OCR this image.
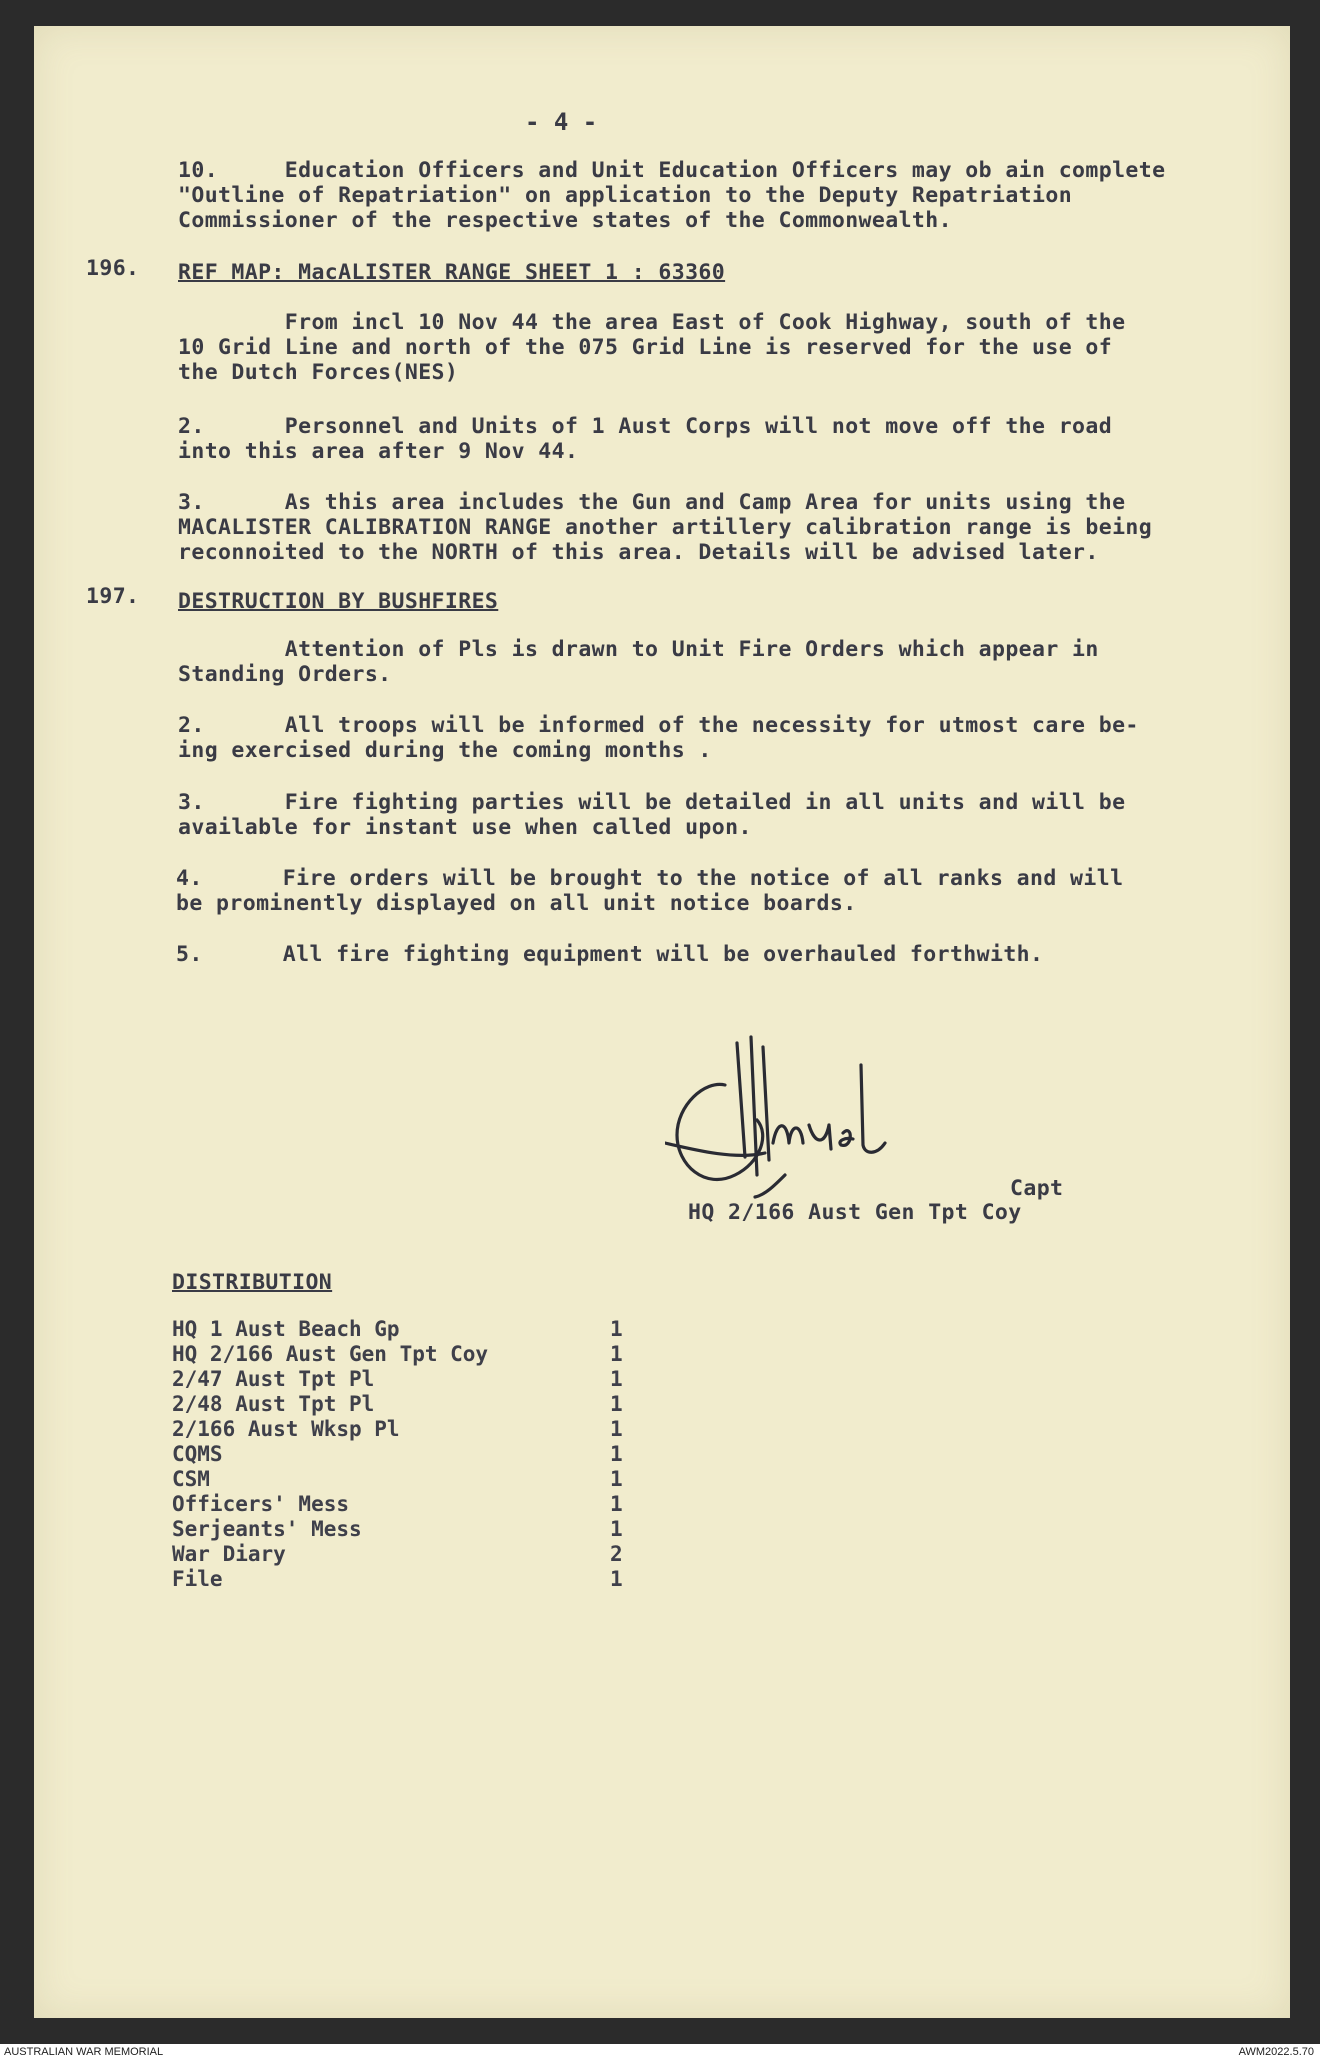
- 4 -
10.     Education Officers and Unit Education Officers may ob ain complete
"Outline of Repatriation" on application to the Deputy Repatriation
Commissioner of the respective states of the Commonwealth.
196. REF MAP: MacALISTER RANGE SHEET 1 : 63360
From incl 10 Nov 44 the area East of Cook Highway, south of the
10 Grid Line and north of the 075 Grid Line is reserved for the use of
the Dutch Forces(NES)
2.      Personnel and Units of 1 Aust Corps will not move off the road
into this area after 9 Nov 44.
3.      As this area includes the Gun and Camp Area for units using the
MACALISTER CALIBRATION RANGE another artillery calibration range is being
reconnoited to the NORTH of this area. Details will be advised later.
197. DESTRUCTION BY BUSHFIRES
Attention of Pls is drawn to Unit Fire Orders which appear in
Standing Orders.
2.      All troops will be informed of the necessity for utmost care be-
ing exercised during the coming months .
3.      Fire fighting parties will be detailed in all units and will be
available for instant use when called upon.
4.      Fire orders will be brought to the notice of all ranks and will
be prominently displayed on all unit notice boards.
5.      All fire fighting equipment will be overhauled forthwith.
Capt
HQ 2/166 Aust Gen Tpt Coy
DISTRIBUTION
HQ 1 Aust Beach Gp	1
HQ 2/166 Aust Gen Tpt Coy	1
2/47 Aust Tpt Pl	1
2/48 Aust Tpt Pl	1
2/166 Aust Wksp Pl	1
CQMS	1
CSM	1
Officers' Mess	1
Serjeants' Mess	1
War Diary	2
File	1
AUSTRALIAN WAR MEMORIAL	AWM2022.5.70
